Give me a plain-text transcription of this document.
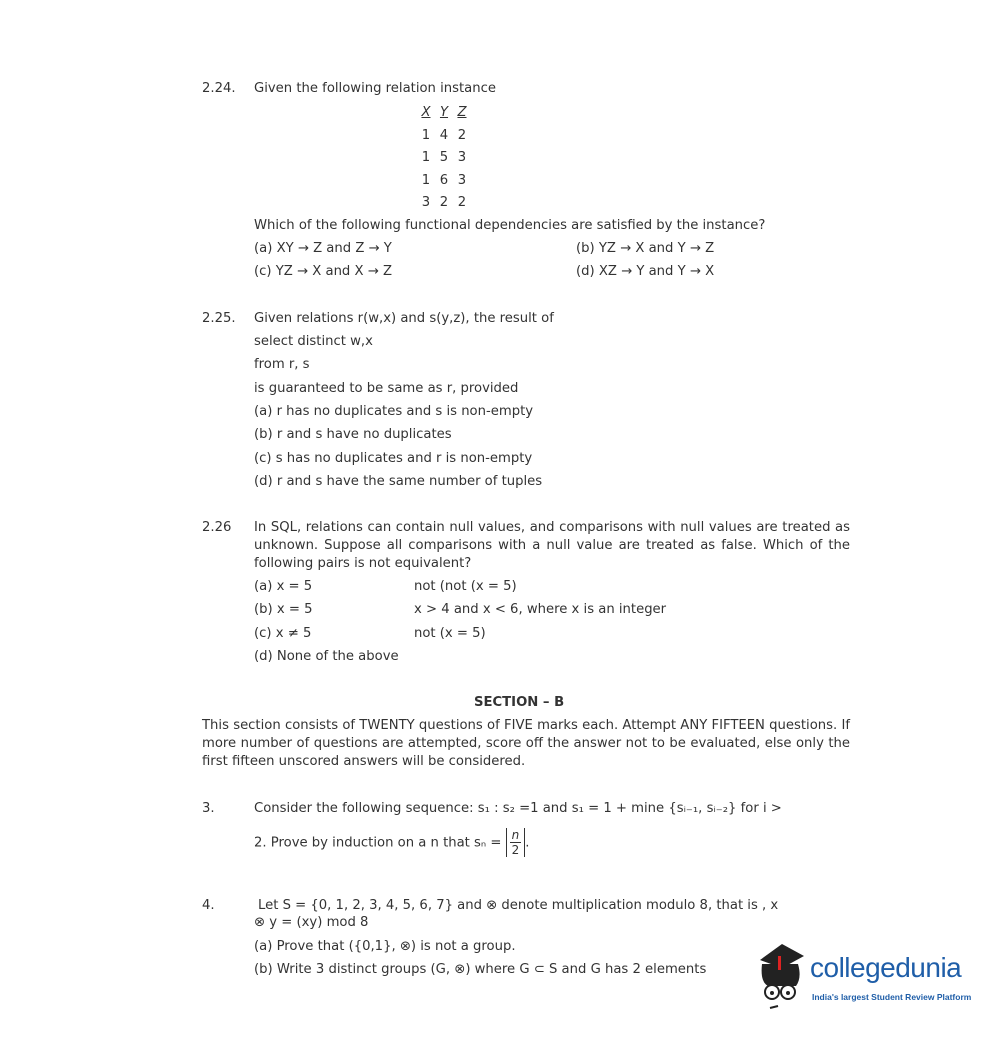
2.24. Given the following relation instance
X Y Z
1 4 2
1 5 3
1 6 3
3 2 2
Which of the following functional dependencies are satisfied by the instance?
(a) XY → Z and Z → Y	(b) YZ → X and Y → Z
(c) YZ → X and X → Z	(d) XZ → Y and Y → X
2.25. Given relations r(w,x) and s(y,z), the result of
select distinct w,x
from r, s
is guaranteed to be same as r, provided
(a) r has no duplicates and s is non-empty
(b) r and s have no duplicates
(c) s has no duplicates and r is non-empty
(d) r and s have the same number of tuples
2.26 In SQL, relations can contain null values, and comparisons with null values are treated as unknown. Suppose all comparisons with a null value are treated as false. Which of the following pairs is not equivalent?
(a) x = 5	not (not (x = 5)
(b) x = 5	x > 4 and x < 6, where x is an integer
(c) x ≠ 5	not (x = 5)
(d) None of the above
SECTION – B
This section consists of TWENTY questions of FIVE marks each. Attempt ANY FIFTEEN questions. If more number of questions are attempted, score off the answer not to be evaluated, else only the first fifteen unscored answers will be considered.
3.	Consider the following sequence: s₁ : s₂ =1 and s₁ = 1 + mine {sᵢ₋₁, sᵢ₋₂} for i >
2. Prove by induction on a n that $s_n = \frac{n}{2}$ .
4.	Let S = {0, 1, 2, 3, 4, 5, 6, 7} and ⊗ denote multiplication modulo 8, that is , x
⊗ y = (xy) mod 8
(a) Prove that ({0,1}, ⊗) is not a group.
(b) Write 3 distinct groups (G, ⊗) where G ⊂ S and G has 2 elements	collegedunia
India's largest Student Review Platform
